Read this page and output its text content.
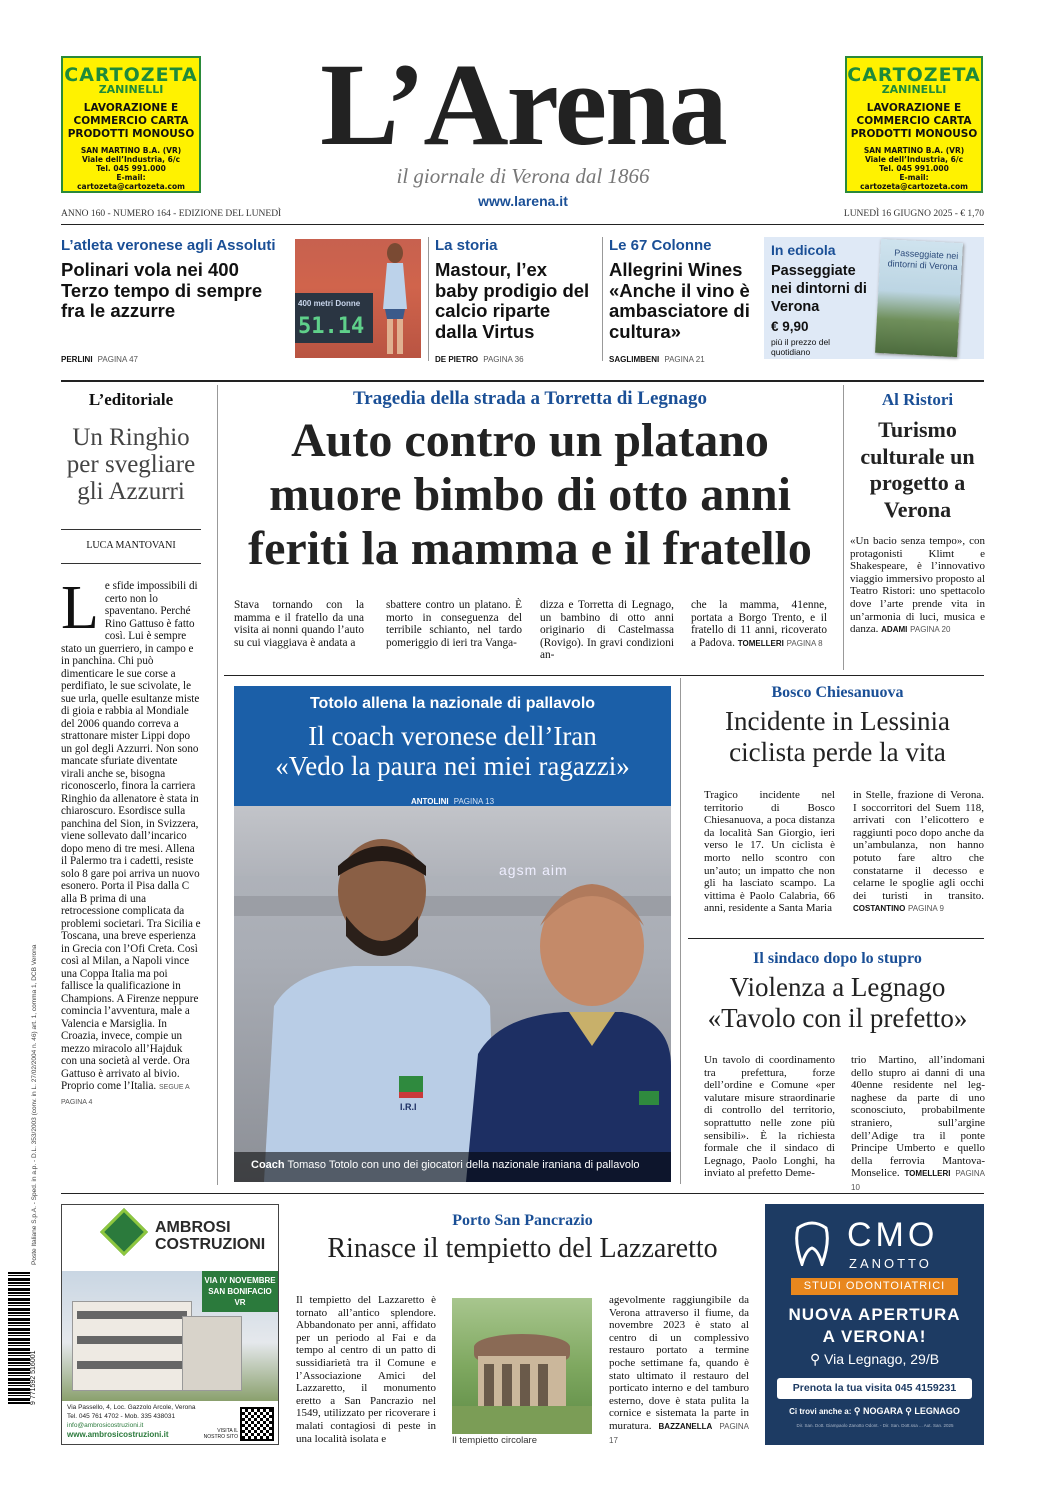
CARTOZETA
ZANINELLI
LAVORAZIONE E
COMMERCIO CARTA
PRODOTTI MONOUSO
SAN MARTINO B.A. (VR)
Viale dell’Industria, 6/c
Tel. 045 991.000
E-mail: cartozeta@cartozeta.com
CARTOZETA
ZANINELLI
LAVORAZIONE E
COMMERCIO CARTA
PRODOTTI MONOUSO
SAN MARTINO B.A. (VR)
Viale dell’Industria, 6/c
Tel. 045 991.000
E-mail: cartozeta@cartozeta.com
L’Arena
il giornale di Verona dal 1866
www.larena.it
ANNO 160 - NUMERO 164 - EDIZIONE DEL LUNEDÌ	LUNEDÌ 16 GIUGNO 2025 - € 1,70
L’atleta veronese agli Assoluti
Polinari vola nei 400 Terzo tempo di sempre fra le azzurre
PERLINI PAGINA 47
400 metri Donne
51.14
La storia
Mastour, l’ex baby prodigio del calcio riparte dalla Virtus
DE PIETRO PAGINA 36
Le 67 Colonne
Allegrini Wines «Anche il vino è ambasciatore di cultura»
SAGLIMBENI PAGINA 21
In edicola
Passeggiate nei dintorni di Verona
€ 9,90
più il prezzo del quotidiano
Passeggiate nei dintorni di Verona
L’editoriale
Un Ringhio per svegliare gli Azzurri
LUCA MANTOVANI
Le sfide impossibili di certo non lo spaventano. Perché Rino Gattuso è fatto così. Lui è sempre stato un guerriero, in campo e in panchina. Chi può dimenticare le sue corse a perdifiato, le sue scivolate, le sue urla, quelle esultanze miste di gioia e rabbia al Mondiale del 2006 quando correva a strattonare mister Lippi dopo un gol degli Azzurri. Non sono mancate sfuriate diventate virali anche se, bisogna riconoscerlo, finora la carriera Ringhio da allenatore è stata in chiaroscuro. Esordisce sulla panchina del Sion, in Svizzera, viene sollevato dall’incarico dopo meno di tre mesi. Allena il Palermo tra i cadetti, resiste solo 8 gare poi arriva un nuovo esonero. Porta il Pisa dalla C alla B prima di una retrocessione complicata da problemi societari. Tra Sicilia e Toscana, una breve esperienza in Grecia con l’Ofi Creta. Così così al Milan, a Napoli vince una Coppa Italia ma poi fallisce la qualificazione in Champions. A Firenze neppure comincia l’avventura, male a Valencia e Marsiglia. In Croazia, invece, compie un mezzo miracolo all’Hajduk con una società al verde. Ora Gattuso è arrivato al bivio. Proprio come l’Italia. SEGUE A PAGINA 4
Tragedia della strada a Torretta di Legnago
Auto contro un platano
muore bimbo di otto anni
feriti la mamma e il fratello
Stava tornando con la mamma e il fratello da una visita ai nonni quando l’auto su cui viaggiava è andata a
sbattere contro un platano. È morto in conseguenza del terribile schianto, nel tardo pomeriggio di ieri tra Vanga-
dizza e Torretta di Legnago, un bambino di otto anni originario di Castelmassa (Rovigo). In gravi condizioni an-
che la mamma, 41enne, portata a Borgo Trento, e il fratello di 11 anni, ricoverato a Padova. TOMELLERI PAGINA 8
Al Ristori
Turismo culturale un progetto a Verona
«Un bacio senza tempo», con protagonisti Klimt e Shakespeare, è l’innovativo viaggio immersivo proposto al Teatro Ristori: uno spettacolo dove l’arte prende vita in un’armonia di luci, musica e danza. ADAMI PAGINA 20
Totolo allena la nazionale di pallavolo
Il coach veronese dell’Iran
«Vedo la paura nei miei ragazzi»
ANTOLINI PAGINA 13
agsm aim
I.R.I
Coach Tomaso Totolo con uno dei giocatori della nazionale iraniana di pallavolo
Bosco Chiesanuova
Incidente in Lessinia
ciclista perde la vita
Tragico incidente nel territorio di Bosco Chiesanuova, a poca distanza da località San Giorgio, ieri verso le 17. Un ciclista è morto nello scontro con un’auto; un impatto che non gli ha lasciato scampo. La vittima è Paolo Calabria, 66 anni, residente a Santa Maria
in Stelle, frazione di Verona. I soccorritori del Suem 118, arrivati con l’elicottero e raggiunti poco dopo anche da un’ambulanza, non hanno potuto fare altro che constatarne il decesso e celarne le spoglie agli occhi dei turisti in transito. COSTANTINO PAGINA 9
Il sindaco dopo lo stupro
Violenza a Legnago
«Tavolo con il prefetto»
Un tavolo di coordinamento tra prefettura, forze dell’ordine e Comune «per valutare misure straordinarie di controllo del territorio, soprattutto nelle zone più sensibili». È la richiesta formale che il sindaco di Legnago, Paolo Longhi, ha inviato al prefetto Deme-
trio Martino, all’indomani dello stupro ai danni di una 40enne residente nel legnaghese da parte di uno sconosciuto, probabilmente straniero, sull’argine dell’Adige tra il ponte Principe Umberto e quello della ferrovia Mantova-Monselice. TOMELLERI PAGINA 10
Poste Italiane S.p.A. - Sped. in a.p. - D.L. 353/2003 (conv. in L. 27/02/2004 n. 46) art. 1, comma 1, DCB Verona
9 771592 516001
AMBROSI
COSTRUZIONI
VIA IV NOVEMBRE
SAN BONIFACIO
VR
Via Passello, 4, Loc. Gazzolo Arcole, Verona
Tel. 045 761 4702 - Mob. 335 438031
info@ambrosicostruzioni.it
www.ambrosicostruzioni.it	VISITA IL NOSTRO SITO
Porto San Pancrazio
Rinasce il tempietto del Lazzaretto
Il tempietto del Lazzaretto è tornato all’antico splendore. Abbandonato per anni, affidato per un periodo al Fai e da tempo al centro di un patto di sussidiarietà tra il Comune e l’Associazione Amici del Lazzaretto, il monumento eretto a San Pancrazio nel 1549, utilizzato per ricoverare i malati contagiosi di peste in una località isolata e	Il tempietto circolare
agevolmente raggiungibile da Verona attraverso il fiume, da novembre 2023 è stato al centro di un complessivo restauro portato a termine poche settimane fa, quando è stato ultimato il restauro del porticato interno e del tamburo esterno, dove è stata pulita la cornice e sistemata la parte in muratura. BAZZANELLA PAGINA 17
CMO
ZANOTTO
STUDI ODONTOIATRICI
NUOVA APERTURA
A VERONA!
⚲ Via Legnago, 29/B
Prenota la tua visita 045 4159231
Ci trovi anche a: ⚲ NOGARA ⚲ LEGNAGO
Dir. San. Dott. Giampaolo Zanotto Odont. - Dir. San. Dott.ssa ... Aut. San. 2025
